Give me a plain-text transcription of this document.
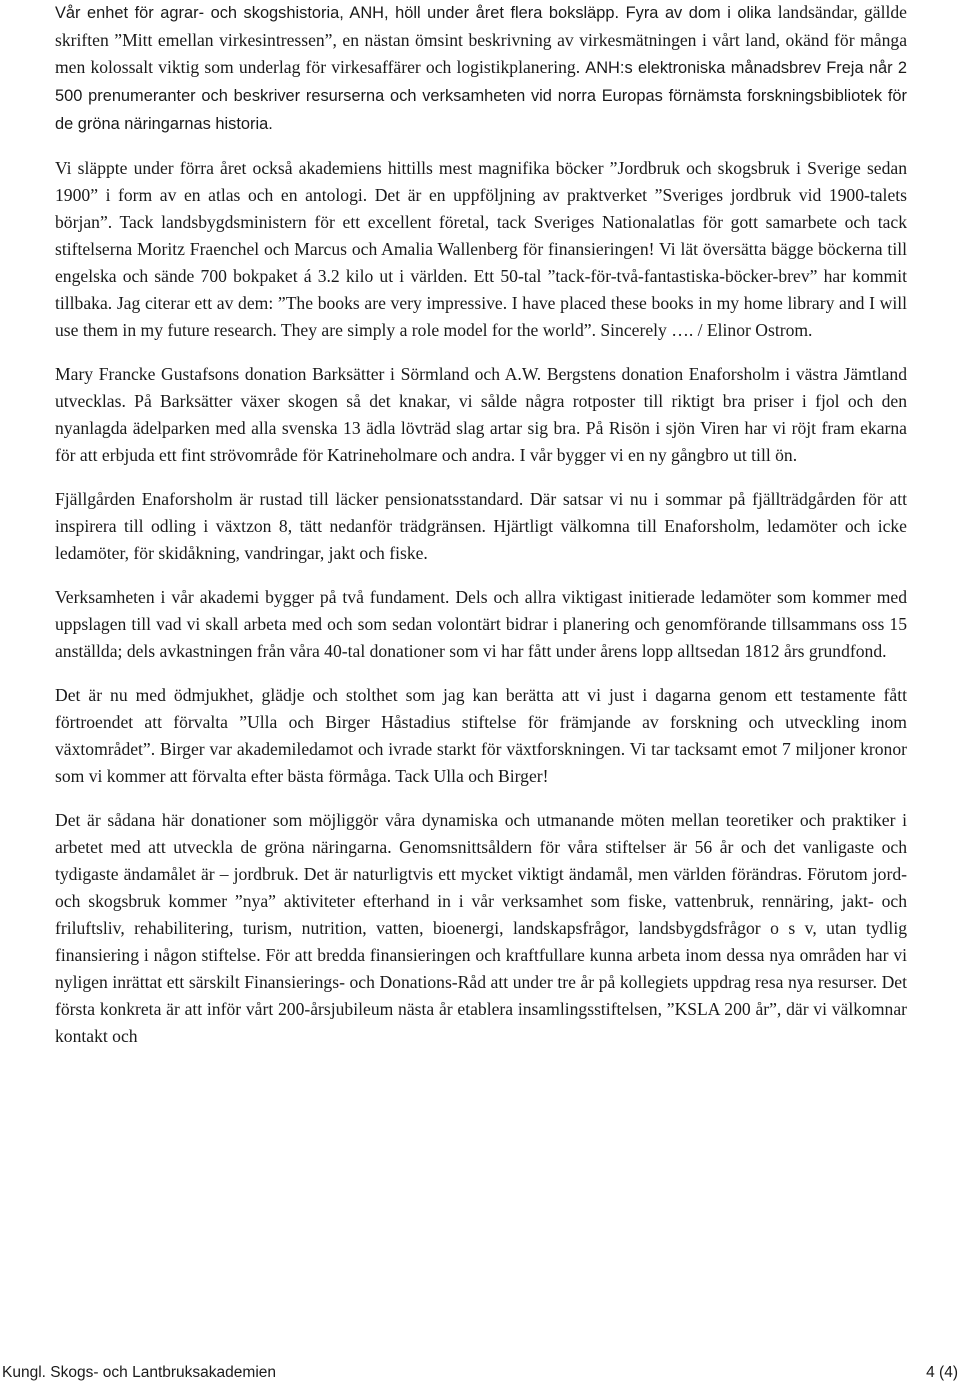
Vår enhet för agrar- och skogshistoria, ANH, höll under året flera boksläpp. Fyra av dom i olika landsändar, gällde skriften ”Mitt emellan virkesintressen”, en nästan ömsint beskrivning av virkesmätningen i vårt land, okänd för många men kolossalt viktig som underlag för virkesaffärer och logistikplanering. ANH:s elektroniska månadsbrev Freja når 2 500 prenumeranter och beskriver resurserna och verksamheten vid norra Europas förnämsta forskningsbibliotek för de gröna näringarnas historia.

Vi släppte under förra året också akademiens hittills mest magnifika böcker ”Jordbruk och skogsbruk i Sverige sedan 1900” i form av en atlas och en antologi. Det är en uppföljning av praktverket ”Sveriges jordbruk vid 1900-talets början”. Tack landsbygdsministern för ett excellent företal, tack Sveriges Nationalatlas för gott samarbete och tack stiftelserna Moritz Fraenchel och Marcus och Amalia Wallenberg för finansieringen! Vi lät översätta bägge böckerna till engelska och sände 700 bokpaket á 3.2 kilo ut i världen. Ett 50-tal ”tack-för-två-fantastiska-böcker-brev” har kommit tillbaka. Jag citerar ett av dem: ”The books are very impressive. I have placed these books in my home library and I will use them in my future research. They are simply a role model for the world”. Sincerely …. / Elinor Ostrom.

Mary Francke Gustafsons donation Barksätter i Sörmland och A.W. Bergstens donation Enaforsholm i västra Jämtland utvecklas. På Barksätter växer skogen så det knakar, vi sålde några rotposter till riktigt bra priser i fjol och den nyanlagda ädelparken med alla svenska 13 ädla lövträd slag artar sig bra. På Risön i sjön Viren har vi röjt fram ekarna för att erbjuda ett fint strövområde för Katrineholmare och andra. I vår bygger vi en ny gångbro ut till ön.

Fjällgården Enaforsholm är rustad till läcker pensionatsstandard. Där satsar vi nu i sommar på fjällträdgården för att inspirera till odling i växtzon 8, tätt nedanför trädgränsen. Hjärtligt välkomna till Enaforsholm, ledamöter och icke ledamöter, för skidåkning, vandringar, jakt och fiske.

Verksamheten i vår akademi bygger på två fundament. Dels och allra viktigast initierade ledamöter som kommer med uppslagen till vad vi skall arbeta med och som sedan volontärt bidrar i planering och genomförande tillsammans oss 15 anställda; dels avkastningen från våra 40-tal donationer som vi har fått under årens lopp alltsedan 1812 års grundfond.

Det är nu med ödmjukhet, glädje och stolthet som jag kan berätta att vi just i dagarna genom ett testamente fått förtroendet att förvalta ”Ulla och Birger Håstadius stiftelse för främjande av forskning och utveckling inom växtområdet”. Birger var akademiledamot och ivrade starkt för växtforskningen. Vi tar tacksamt emot 7 miljoner kronor som vi kommer att förvalta efter bästa förmåga. Tack Ulla och Birger!

Det är sådana här donationer som möjliggör våra dynamiska och utmanande möten mellan teoretiker och praktiker i arbetet med att utveckla de gröna näringarna. Genomsnittsåldern för våra stiftelser är 56 år och det vanligaste och tydigaste ändamålet är – jordbruk. Det är naturligtvis ett mycket viktigt ändamål, men världen förändras. Förutom jord- och skogsbruk kommer ”nya” aktiviteter efterhand in i vår verksamhet som fiske, vattenbruk, rennäring, jakt- och friluftsliv, rehabilitering, turism, nutrition, vatten, bioenergi, landskapsfrågor, landsbygdsfrågor o s v, utan tydlig finansiering i någon stiftelse. För att bredda finansieringen och kraftfullare kunna arbeta inom dessa nya områden har vi nyligen inrättat ett särskilt Finansierings- och Donations-Råd att under tre år på kollegiets uppdrag resa nya resurser. Det första konkreta är att inför vårt 200-årsjubileum nästa år etablera insamlingsstiftelsen, ”KSLA 200 år”, där vi välkomnar kontakt och

Kungl. Skogs- och Lantbruksakademien	4 (4)
